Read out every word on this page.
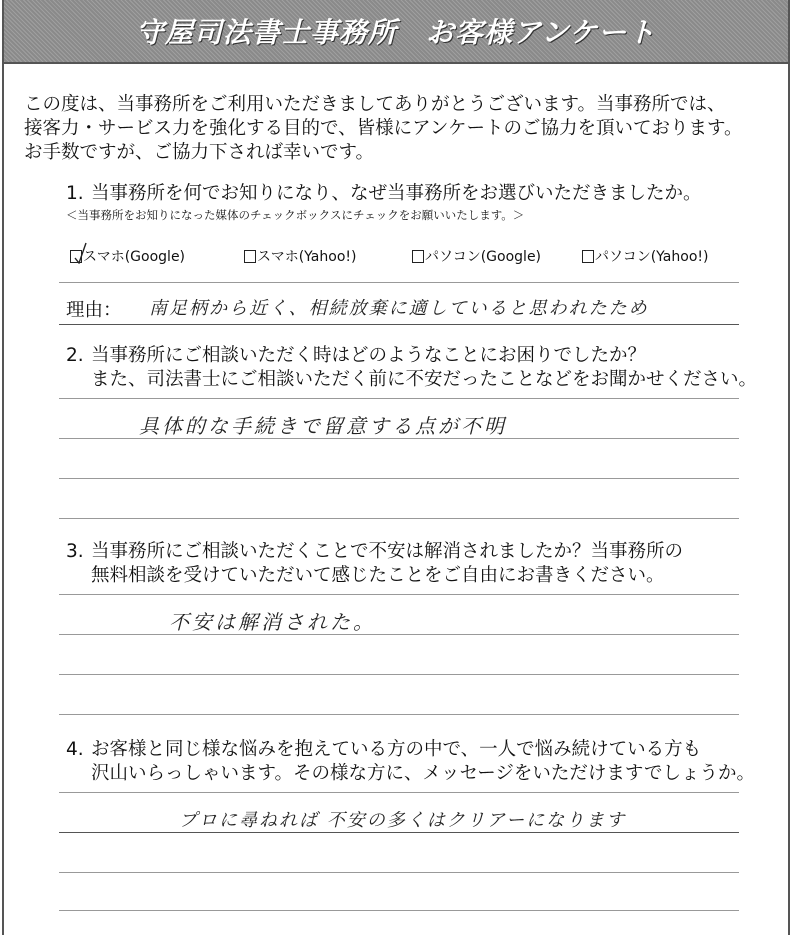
守屋司法書士事務所　お客様アンケート

この度は、当事務所をご利用いただきましてありがとうございます。当事務所では、

接客力・サービス力を強化する目的で、皆様にアンケートのご協力を頂いております。

お手数ですが、ご協力下されば幸いです。

1. 当事務所を何でお知りになり、なぜ当事務所をお選びいただきましたか。
＜当事務所をお知りになった媒体のチェックボックスにチェックをお願いいたします。＞
スマホ(Google)	スマホ(Yahoo!)	パソコン(Google)	パソコン(Yahoo!)
理由： 南足柄から近く、相続放棄に適していると思われたため
2. 当事務所にご相談いただく時はどのようなことにお困りでしたか？
また、司法書士にご相談いただく前に不安だったことなどをお聞かせください。
具体的な手続きで留意する点が不明
3. 当事務所にご相談いただくことで不安は解消されましたか？当事務所の
無料相談を受けていただいて感じたことをご自由にお書きください。
不安は解消された。
4. お客様と同じ様な悩みを抱えている方の中で、一人で悩み続けている方も
沢山いらっしゃいます。その様な方に、メッセージをいただけますでしょうか。
プロに尋ねれば 不安の多くはクリアーになります
